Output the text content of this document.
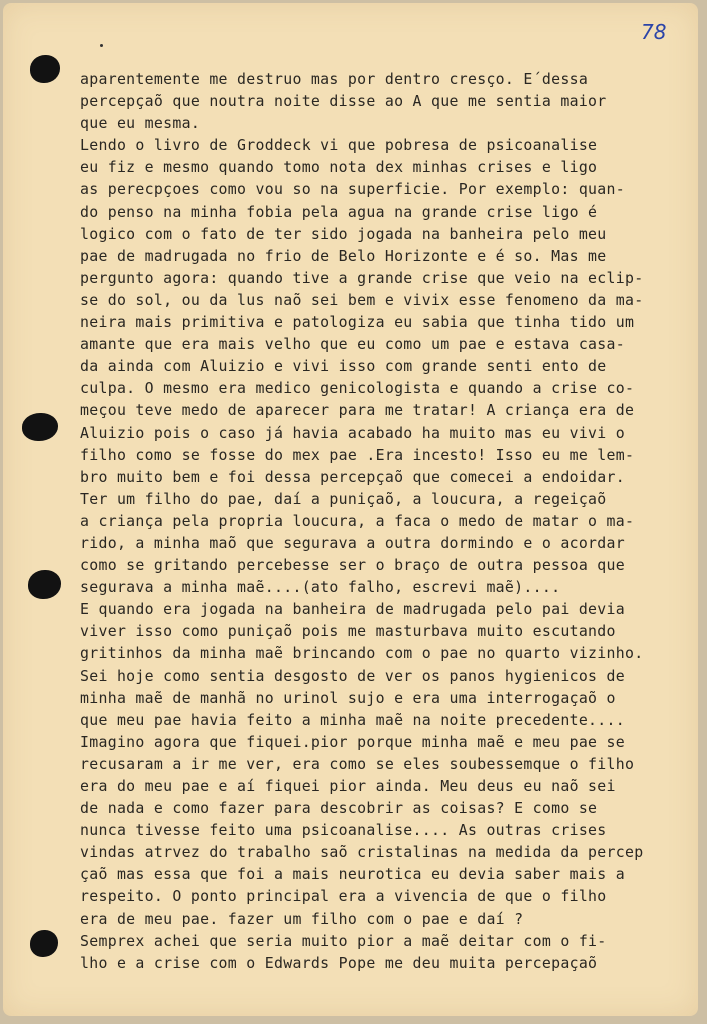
78
aparentemente me destruo mas por dentro cresço. E´dessa
percepçaõ que noutra noite disse ao A que me sentia maior
que eu mesma.
Lendo o livro de Groddeck vi que pobresa de psicoanalise
eu fiz e mesmo quando tomo nota dex minhas crises e ligo
as perecpçoes como vou so na superficie. Por exemplo: quan-
do penso na minha fobia pela agua na grande crise ligo é
logico com o fato de ter sido jogada na banheira pelo meu
pae de madrugada no frio de Belo Horizonte e é so. Mas me
pergunto agora: quando tive a grande crise que veio na eclip-
se do sol, ou da lus naõ sei bem e vivix esse fenomeno da ma-
neira mais primitiva e patologiza eu sabia que tinha tido um
amante que era mais velho que eu como um pae e estava casa-
da ainda com Aluizio e vivi isso com grande senti ento de
culpa. O mesmo era medico genicologista e quando a crise co-
meçou teve medo de aparecer para me tratar! A criança era de
Aluizio pois o caso já havia acabado ha muito mas eu vivi o
filho como se fosse do mex pae .Era incesto! Isso eu me lem-
bro muito bem e foi dessa percepçaõ que comecei a endoidar.
Ter um filho do pae, daí a puniçaõ, a loucura, a regeiçaõ
a criança pela propria loucura, a faca o medo de matar o ma-
rido, a minha maõ que segurava a outra dormindo e o acordar
como se gritando percebesse ser o braço de outra pessoa que
segurava a minha maẽ....(ato falho, escrevi maẽ)....
E quando era jogada na banheira de madrugada pelo pai devia
viver isso como puniçaõ pois me masturbava muito escutando
gritinhos da minha maẽ brincando com o pae no quarto vizinho.
Sei hoje como sentia desgosto de ver os panos hygienicos de
minha maẽ de manhã no urinol sujo e era uma interrogaçaõ o
que meu pae havia feito a minha maẽ na noite precedente....
Imagino agora que fiquei.pior porque minha maẽ e meu pae se
recusaram a ir me ver, era como se eles soubessemque o filho
era do meu pae e aí fiquei pior ainda. Meu deus eu naõ sei
de nada e como fazer para descobrir as coisas? E como se
nunca tivesse feito uma psicoanalise.... As outras crises
vindas atrvez do trabalho saõ cristalinas na medida da percep
çaõ mas essa que foi a mais neurotica eu devia saber mais a
respeito. O ponto principal era a vivencia de que o filho
era de meu pae. fazer um filho com o pae e daí ?
Semprex achei que seria muito pior a maẽ deitar com o fi-
lho e a crise com o Edwards Pope me deu muita percepaçaõ
